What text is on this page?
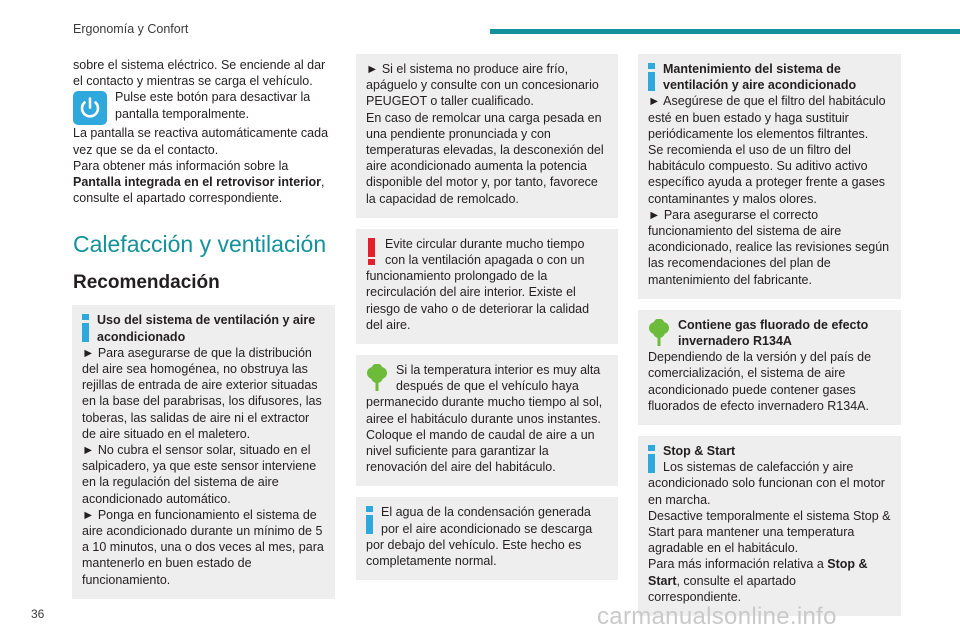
Ergonomía y Confort

sobre el sistema eléctrico. Se enciende al dar el contacto y mientras se carga el vehículo.

Pulse este botón para desactivar la pantalla temporalmente.

La pantalla se reactiva automáticamente cada vez que se da el contacto.

Para obtener más información sobre la Pantalla integrada en el retrovisor interior, consulte el apartado correspondiente.

Calefacción y ventilación
Recomendación

Uso del sistema de ventilación y aire acondicionado

► Para asegurarse de que la distribución del aire sea homogénea, no obstruya las rejillas de entrada de aire exterior situadas en la base del parabrisas, los difusores, las toberas, las salidas de aire ni el extractor de aire situado en el maletero.
► No cubra el sensor solar, situado en el salpicadero, ya que este sensor interviene en la regulación del sistema de aire acondicionado automático.
► Ponga en funcionamiento el sistema de aire acondicionado durante un mínimo de 5 a 10 minutos, una o dos veces al mes, para mantenerlo en buen estado de funcionamiento.

► Si el sistema no produce aire frío, apáguelo y consulte con un concesionario PEUGEOT o taller cualificado.
En caso de remolcar una carga pesada en una pendiente pronunciada y con temperaturas elevadas, la desconexión del aire acondicionado aumenta la potencia disponible del motor y, por tanto, favorece la capacidad de remolcado.

Evite circular durante mucho tiempo con la ventilación apagada o con un

funcionamiento prolongado de la recirculación del aire interior. Existe el riesgo de vaho o de deteriorar la calidad del aire.

Si la temperatura interior es muy alta después de que el vehículo haya

permanecido durante mucho tiempo al sol, airee el habitáculo durante unos instantes.
Coloque el mando de caudal de aire a un nivel suficiente para garantizar la renovación del aire del habitáculo.

El agua de la condensación generada por el aire acondicionado se descarga

por debajo del vehículo. Este hecho es completamente normal.

Mantenimiento del sistema de ventilación y aire acondicionado

► Asegúrese de que el filtro del habitáculo esté en buen estado y haga sustituir periódicamente los elementos filtrantes.
Se recomienda el uso de un filtro del habitáculo compuesto. Su aditivo activo específico ayuda a proteger frente a gases contaminantes y malos olores.
► Para asegurarse el correcto funcionamiento del sistema de aire acondicionado, realice las revisiones según las recomendaciones del plan de mantenimiento del fabricante.

Contiene gas fluorado de efecto invernadero R134A

Dependiendo de la versión y del país de comercialización, el sistema de aire acondicionado puede contener gases fluorados de efecto invernadero R134A.

Stop & Start

Los sistemas de calefacción y aire

acondicionado solo funcionan con el motor en marcha.
Desactive temporalmente el sistema Stop & Start para mantener una temperatura agradable en el habitáculo.

Para más información relativa a Stop & Start, consulte el apartado correspondiente.

36	carmanualsonline.info
